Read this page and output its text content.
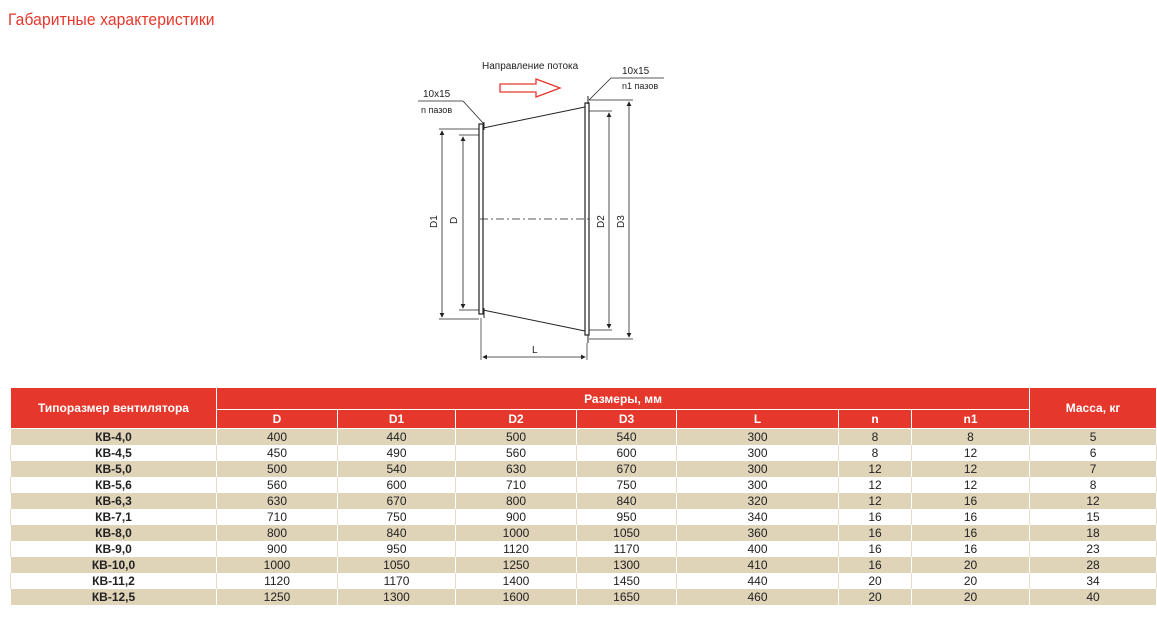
Габаритные характеристики
Направление потока
10x15
n пазов
10x15
n1 пазов
D1 D	D2 D3
L
Типоразмер вентилятора	Размеры, мм							Масса, кг
	D	D1	D2	D3	L	n	n1	
КВ-4,0	400	440	500	540	300	8	8	5
КВ-4,5	450	490	560	600	300	8	12	6
КВ-5,0	500	540	630	670	300	12	12	7
КВ-5,6	560	600	710	750	300	12	12	8
КВ-6,3	630	670	800	840	320	12	16	12
КВ-7,1	710	750	900	950	340	16	16	15
КВ-8,0	800	840	1000	1050	360	16	16	18
КВ-9,0	900	950	1120	1170	400	16	16	23
КВ-10,0	1000	1050	1250	1300	410	16	20	28
КВ-11,2	1120	1170	1400	1450	440	20	20	34
КВ-12,5	1250	1300	1600	1650	460	20	20	40
